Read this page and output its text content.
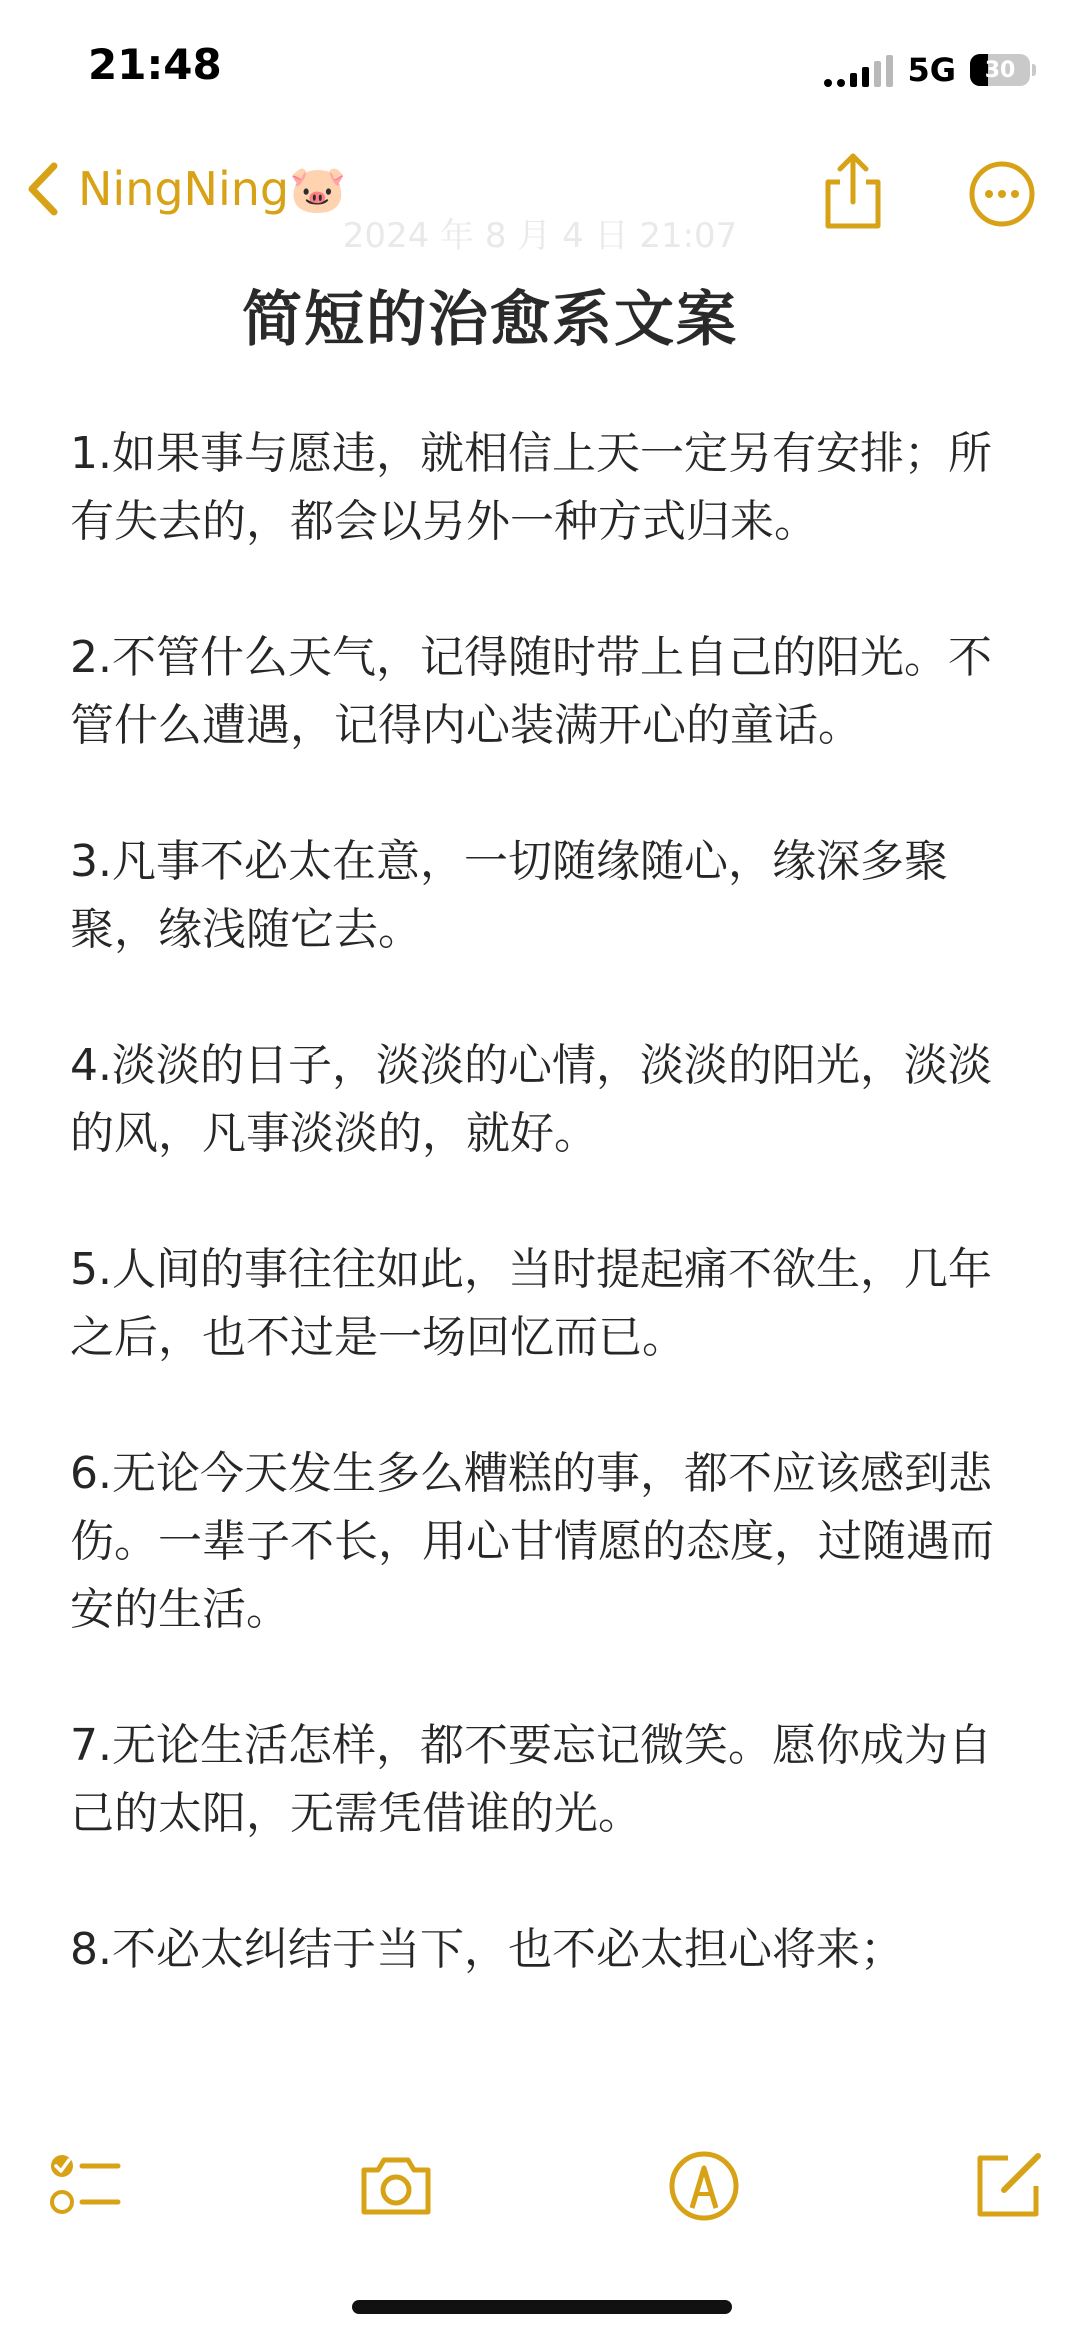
21:48	5G	30
NingNing🐷
2024 年 8 月 4 日 21:07
简短的治愈系文案

1.如果事与愿违，就相信上天一定另有安排；所有失去的，都会以另外一种方式归来。

2.不管什么天气，记得随时带上自己的阳光。不管什么遭遇，记得内心装满开心的童话。

3.凡事不必太在意，一切随缘随心，缘深多聚聚，缘浅随它去。

4.淡淡的日子，淡淡的心情，淡淡的阳光，淡淡的风，凡事淡淡的，就好。

5.人间的事往往如此，当时提起痛不欲生，几年之后，也不过是一场回忆而已。

6.无论今天发生多么糟糕的事，都不应该感到悲伤。一辈子不长，用心甘情愿的态度，过随遇而安的生活。

7.无论生活怎样，都不要忘记微笑。愿你成为自己的太阳，无需凭借谁的光。

8.不必太纠结于当下，也不必太担心将来；
